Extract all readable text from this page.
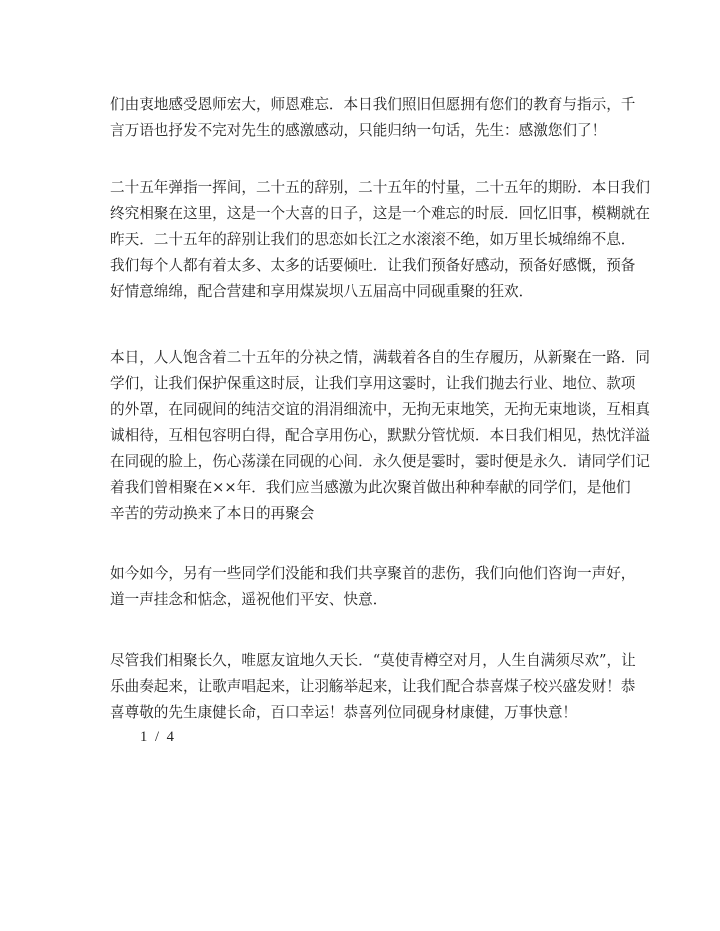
们由衷地感受恩师宏大，师恩难忘．本日我们照旧但愿拥有您们的教育与指示，千
言万语也抒发不完对先生的感激感动，只能归纳一句话，先生：感激您们了！
二十五年弹指一挥间，二十五的辞别，二十五年的忖量，二十五年的期盼．本日我们
终究相聚在这里，这是一个大喜的日子，这是一个难忘的时辰．回忆旧事，模糊就在
昨天．二十五年的辞别让我们的思恋如长江之水滚滚不绝，如万里长城绵绵不息．
我们每个人都有着太多、太多的话要倾吐．让我们预备好感动，预备好感慨，预备
好情意绵绵，配合营建和享用煤炭坝八五届高中同砚重聚的狂欢．
本日，人人饱含着二十五年的分袂之情，满载着各自的生存履历，从新聚在一路．同
学们，让我们保护保重这时辰，让我们享用这霎时，让我们抛去行业、地位、款项
的外罩，在同砚间的纯洁交谊的涓涓细流中，无拘无束地笑，无拘无束地谈，互相真
诚相待，互相包容明白得，配合享用伤心，默默分管忧烦．本日我们相见，热忱洋溢
在同砚的脸上，伤心荡漾在同砚的心间．永久便是霎时，霎时便是永久．请同学们记
着我们曾相聚在××年．我们应当感激为此次聚首做出种种奉献的同学们，是他们
辛苦的劳动换来了本日的再聚会
如今如今，另有一些同学们没能和我们共享聚首的悲伤，我们向他们咨询一声好，
道一声挂念和惦念，遥祝他们平安、快意．
尽管我们相聚长久，唯愿友谊地久天长．“莫使青樽空对月，人生自满须尽欢”，让
乐曲奏起来，让歌声唱起来，让羽觞举起来，让我们配合恭喜煤子校兴盛发财！恭
喜尊敬的先生康健长命，百口幸运！恭喜列位同砚身材康健，万事快意！
1 / 4
